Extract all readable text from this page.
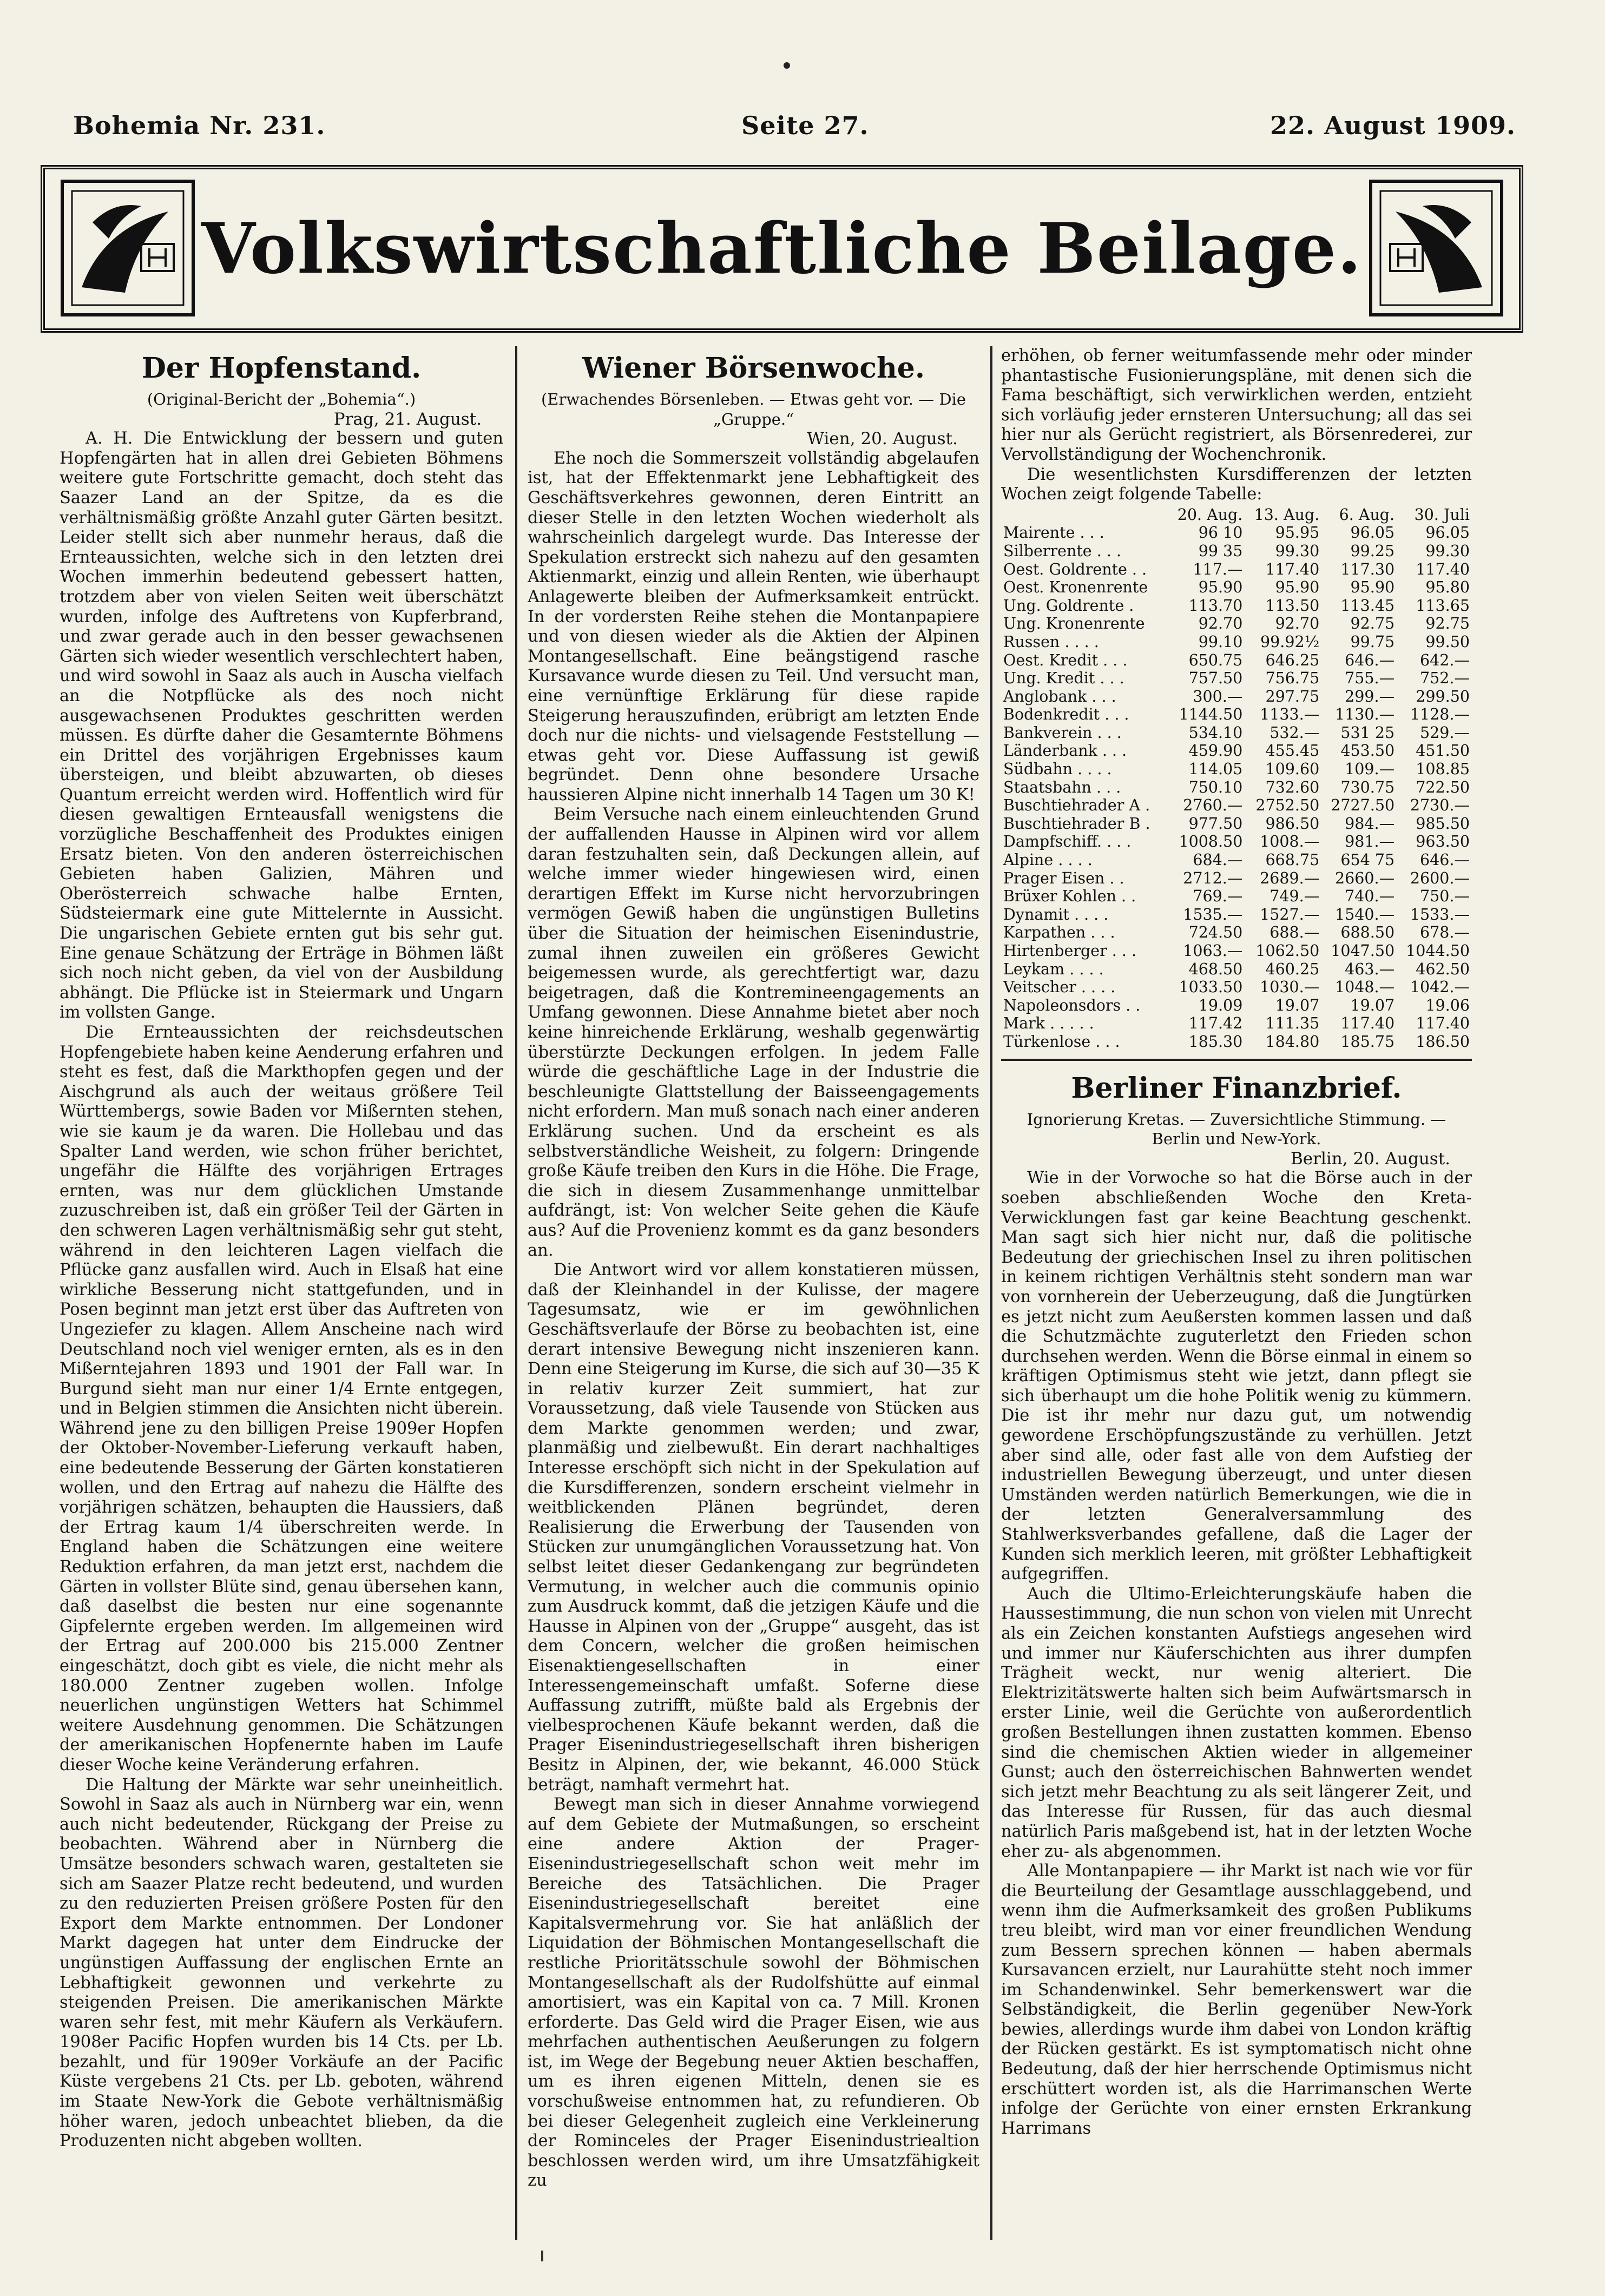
Bohemia Nr. 231.	Seite 27.	22. August 1909.
Volkswirtschaftliche Beilage.
Der Hopfenstand.

(Original-Bericht der „Bohemia“.)

Prag, 21. August.

A. H. Die Entwicklung der bessern und guten Hopfengärten hat in allen drei Gebieten Böhmens weitere gute Fortschritte gemacht, doch steht das Saazer Land an der Spitze, da es die verhältnismäßig größte Anzahl guter Gärten besitzt. Leider stellt sich aber nunmehr heraus, daß die Ernteaussichten, welche sich in den letzten drei Wochen immerhin bedeutend gebessert hatten, trotzdem aber von vielen Seiten weit überschätzt wurden, infolge des Auftretens von Kupferbrand, und zwar gerade auch in den besser gewachsenen Gärten sich wieder wesentlich verschlechtert haben, und wird sowohl in Saaz als auch in Auscha vielfach an die Notpflücke als des noch nicht ausgewachsenen Produktes geschritten werden müssen. Es dürfte daher die Gesamternte Böhmens ein Drittel des vorjährigen Ergebnisses kaum übersteigen, und bleibt abzuwarten, ob dieses Quantum erreicht werden wird. Hoffentlich wird für diesen gewaltigen Ernteausfall wenigstens die vorzügliche Beschaffenheit des Produktes einigen Ersatz bieten. Von den anderen österreichischen Gebieten haben Galizien, Mähren und Oberösterreich schwache halbe Ernten, Südsteiermark eine gute Mittelernte in Aussicht. Die ungarischen Gebiete ernten gut bis sehr gut. Eine genaue Schätzung der Erträge in Böhmen läßt sich noch nicht geben, da viel von der Ausbildung abhängt. Die Pflücke ist in Steiermark und Ungarn im vollsten Gange.

Die Ernteaussichten der reichsdeutschen Hopfengebiete haben keine Aenderung erfahren und steht es fest, daß die Markthopfen gegen und der Aischgrund als auch der weitaus größere Teil Württembergs, sowie Baden vor Mißernten stehen, wie sie kaum je da waren. Die Hollebau und das Spalter Land werden, wie schon früher berichtet, ungefähr die Hälfte des vorjährigen Ertrages ernten, was nur dem glücklichen Umstande zuzuschreiben ist, daß ein größer Teil der Gärten in den schweren Lagen verhältnismäßig sehr gut steht, während in den leichteren Lagen vielfach die Pflücke ganz ausfallen wird. Auch in Elsaß hat eine wirkliche Besserung nicht stattgefunden, und in Posen beginnt man jetzt erst über das Auftreten von Ungeziefer zu klagen. Allem Anscheine nach wird Deutschland noch viel weniger ernten, als es in den Mißerntejahren 1893 und 1901 der Fall war. In Burgund sieht man nur einer 1/4 Ernte entgegen, und in Belgien stimmen die Ansichten nicht überein. Während jene zu den billigen Preise 1909er Hopfen der Oktober-November-Lieferung verkauft haben, eine bedeutende Besserung der Gärten konstatieren wollen, und den Ertrag auf nahezu die Hälfte des vorjährigen schätzen, behaupten die Haussiers, daß der Ertrag kaum 1/4 überschreiten werde. In England haben die Schätzungen eine weitere Reduktion erfahren, da man jetzt erst, nachdem die Gärten in vollster Blüte sind, genau übersehen kann, daß daselbst die besten nur eine sogenannte Gipfelernte ergeben werden. Im allgemeinen wird der Ertrag auf 200.000 bis 215.000 Zentner eingeschätzt, doch gibt es viele, die nicht mehr als 180.000 Zentner zugeben wollen. Infolge neuerlichen ungünstigen Wetters hat Schimmel weitere Ausdehnung genommen. Die Schätzungen der amerikanischen Hopfenernte haben im Laufe dieser Woche keine Veränderung erfahren.

Die Haltung der Märkte war sehr uneinheitlich. Sowohl in Saaz als auch in Nürnberg war ein, wenn auch nicht bedeutender, Rückgang der Preise zu beobachten. Während aber in Nürnberg die Umsätze besonders schwach waren, gestalteten sie sich am Saazer Platze recht bedeutend, und wurden zu den reduzierten Preisen größere Posten für den Export dem Markte entnommen. Der Londoner Markt dagegen hat unter dem Eindrucke der ungünstigen Auffassung der englischen Ernte an Lebhaftigkeit gewonnen und verkehrte zu steigenden Preisen. Die amerikanischen Märkte waren sehr fest, mit mehr Käufern als Verkäufern. 1908er Pacific Hopfen wurden bis 14 Cts. per Lb. bezahlt, und für 1909er Vorkäufe an der Pacific Küste vergebens 21 Cts. per Lb. geboten, während im Staate New-York die Gebote verhältnismäßig höher waren, jedoch unbeachtet blieben, da die Produzenten nicht abgeben wollten.

Wiener Börsenwoche.

(Erwachendes Börsenleben. — Etwas geht vor. — Die „Gruppe.“

Wien, 20. August.

Ehe noch die Sommerszeit vollständig abgelaufen ist, hat der Effektenmarkt jene Lebhaftigkeit des Geschäftsverkehres gewonnen, deren Eintritt an dieser Stelle in den letzten Wochen wiederholt als wahrscheinlich dargelegt wurde. Das Interesse der Spekulation erstreckt sich nahezu auf den gesamten Aktienmarkt, einzig und allein Renten, wie überhaupt Anlagewerte bleiben der Aufmerksamkeit entrückt. In der vordersten Reihe stehen die Montanpapiere und von diesen wieder als die Aktien der Alpinen Montangesellschaft. Eine beängstigend rasche Kursavance wurde diesen zu Teil. Und versucht man, eine vernünftige Erklärung für diese rapide Steigerung herauszufinden, erübrigt am letzten Ende doch nur die nichts- und vielsagende Feststellung — etwas geht vor. Diese Auffassung ist gewiß begründet. Denn ohne besondere Ursache haussieren Alpine nicht innerhalb 14 Tagen um 30 K!

Beim Versuche nach einem einleuchtenden Grund der auffallenden Hausse in Alpinen wird vor allem daran festzuhalten sein, daß Deckungen allein, auf welche immer wieder hingewiesen wird, einen derartigen Effekt im Kurse nicht hervorzubringen vermögen Gewiß haben die ungünstigen Bulletins über die Situation der heimischen Eisenindustrie, zumal ihnen zuweilen ein größeres Gewicht beigemessen wurde, als gerechtfertigt war, dazu beigetragen, daß die Kontremineengagements an Umfang gewonnen. Diese Annahme bietet aber noch keine hinreichende Erklärung, weshalb gegenwärtig überstürzte Deckungen erfolgen. In jedem Falle würde die geschäftliche Lage in der Industrie die beschleunigte Glattstellung der Baisseengagements nicht erfordern. Man muß sonach nach einer anderen Erklärung suchen. Und da erscheint es als selbstverständliche Weisheit, zu folgern: Dringende große Käufe treiben den Kurs in die Höhe. Die Frage, die sich in diesem Zusammenhange unmittelbar aufdrängt, ist: Von welcher Seite gehen die Käufe aus? Auf die Provenienz kommt es da ganz besonders an.

Die Antwort wird vor allem konstatieren müssen, daß der Kleinhandel in der Kulisse, der magere Tagesumsatz, wie er im gewöhnlichen Geschäftsverlaufe der Börse zu beobachten ist, eine derart intensive Bewegung nicht inszenieren kann. Denn eine Steigerung im Kurse, die sich auf 30—35 K in relativ kurzer Zeit summiert, hat zur Voraussetzung, daß viele Tausende von Stücken aus dem Markte genommen werden; und zwar, planmäßig und zielbewußt. Ein derart nachhaltiges Interesse erschöpft sich nicht in der Spekulation auf die Kursdifferenzen, sondern erscheint vielmehr in weitblickenden Plänen begründet, deren Realisierung die Erwerbung der Tausenden von Stücken zur unumgänglichen Voraussetzung hat. Von selbst leitet dieser Gedankengang zur begründeten Vermutung, in welcher auch die communis opinio zum Ausdruck kommt, daß die jetzigen Käufe und die Hausse in Alpinen von der „Gruppe“ ausgeht, das ist dem Concern, welcher die großen heimischen Eisenaktiengesellschaften in einer Interessengemeinschaft umfaßt. Soferne diese Auffassung zutrifft, müßte bald als Ergebnis der vielbesprochenen Käufe bekannt werden, daß die Prager Eisenindustriegesellschaft ihren bisherigen Besitz in Alpinen, der, wie bekannt, 46.000 Stück beträgt, namhaft vermehrt hat.

Bewegt man sich in dieser Annahme vorwiegend auf dem Gebiete der Mutmaßungen, so erscheint eine andere Aktion der Prager-Eisenindustriegesellschaft schon weit mehr im Bereiche des Tatsächlichen. Die Prager Eisenindustriegesellschaft bereitet eine Kapitalsvermehrung vor. Sie hat anläßlich der Liquidation der Böhmischen Montangesellschaft die restliche Prioritätsschule sowohl der Böhmischen Montangesellschaft als der Rudolfshütte auf einmal amortisiert, was ein Kapital von ca. 7 Mill. Kronen erforderte. Das Geld wird die Prager Eisen, wie aus mehrfachen authentischen Aeußerungen zu folgern ist, im Wege der Begebung neuer Aktien beschaffen, um es ihren eigenen Mitteln, denen sie es vorschußweise entnommen hat, zu refundieren. Ob bei dieser Gelegenheit zugleich eine Verkleinerung der Rominceles der Prager Eisenindustriealtion beschlossen werden wird, um ihre Umsatzfähigkeit zu

erhöhen, ob ferner weitumfassende mehr oder minder phantastische Fusionierungspläne, mit denen sich die Fama beschäftigt, sich verwirklichen werden, entzieht sich vorläufig jeder ernsteren Untersuchung; all das sei hier nur als Gerücht registriert, als Börsenrederei, zur Vervollständigung der Wochenchronik.

Die wesentlichsten Kursdifferenzen der letzten Wochen zeigt folgende Tabelle:

	20. Aug.	13. Aug.	6. Aug.	30. Juli
Mairente . . .	96 10	95.95	96.05	96.05
Silberrente . . .	99 35	99.30	99.25	99.30
Oest. Goldrente . .	117.—	117.40	117.30	117.40
Oest. Kronenrente	95.90	95.90	95.90	95.80
Ung. Goldrente .	113.70	113.50	113.45	113.65
Ung. Kronenrente	92.70	92.70	92.75	92.75
Russen . . . .	99.10	99.92½	99.75	99.50
Oest. Kredit . . .	650.75	646.25	646.—	642.—
Ung. Kredit . . .	757.50	756.75	755.—	752.—
Anglobank . . .	300.—	297.75	299.—	299.50
Bodenkredit . . .	1144.50	1133.—	1130.—	1128.—
Bankverein . . .	534.10	532.—	531 25	529.—
Länderbank . . .	459.90	455.45	453.50	451.50
Südbahn . . . .	114.05	109.60	109.—	108.85
Staatsbahn . . .	750.10	732.60	730.75	722.50
Buschtiehrader A .	2760.—	2752.50	2727.50	2730.—
Buschtiehrader B .	977.50	986.50	984.—	985.50
Dampfschiff. . . .	1008.50	1008.—	981.—	963.50
Alpine . . . .	684.—	668.75	654 75	646.—
Prager Eisen . .	2712.—	2689.—	2660.—	2600.—
Brüxer Kohlen . .	769.—	749.—	740.—	750.—
Dynamit . . . .	1535.—	1527.—	1540.—	1533.—
Karpathen . . .	724.50	688.—	688.50	678.—
Hirtenberger . . .	1063.—	1062.50	1047.50	1044.50
Leykam . . . .	468.50	460.25	463.—	462.50
Veitscher . . . .	1033.50	1030.—	1048.—	1042.—
Napoleonsdors . .	19.09	19.07	19.07	19.06
Mark . . . . .	117.42	111.35	117.40	117.40
Türkenlose . . .	185.30	184.80	185.75	186.50
Berliner Finanzbrief.

Ignorierung Kretas. — Zuversichtliche Stimmung. — Berlin und New-York.

Berlin, 20. August.

Wie in der Vorwoche so hat die Börse auch in der soeben abschließenden Woche den Kreta-Verwicklungen fast gar keine Beachtung geschenkt. Man sagt sich hier nicht nur, daß die politische Bedeutung der griechischen Insel zu ihren politischen in keinem richtigen Verhältnis steht sondern man war von vornherein der Ueberzeugung, daß die Jungtürken es jetzt nicht zum Aeußersten kommen lassen und daß die Schutzmächte zuguterletzt den Frieden schon durchsehen werden. Wenn die Börse einmal in einem so kräftigen Optimismus steht wie jetzt, dann pflegt sie sich überhaupt um die hohe Politik wenig zu kümmern. Die ist ihr mehr nur dazu gut, um notwendig gewordene Erschöpfungszustände zu verhüllen. Jetzt aber sind alle, oder fast alle von dem Aufstieg der industriellen Bewegung überzeugt, und unter diesen Umständen werden natürlich Bemerkungen, wie die in der letzten Generalversammlung des Stahlwerksverbandes gefallene, daß die Lager der Kunden sich merklich leeren, mit größter Lebhaftigkeit aufgegriffen.

Auch die Ultimo-Erleichterungskäufe haben die Haussestimmung, die nun schon von vielen mit Unrecht als ein Zeichen konstanten Aufstiegs angesehen wird und immer nur Käuferschichten aus ihrer dumpfen Trägheit weckt, nur wenig alteriert. Die Elektrizitätswerte halten sich beim Aufwärtsmarsch in erster Linie, weil die Gerüchte von außerordentlich großen Bestellungen ihnen zustatten kommen. Ebenso sind die chemischen Aktien wieder in allgemeiner Gunst; auch den österreichischen Bahnwerten wendet sich jetzt mehr Beachtung zu als seit längerer Zeit, und das Interesse für Russen, für das auch diesmal natürlich Paris maßgebend ist, hat in der letzten Woche eher zu- als abgenommen.

Alle Montanpapiere — ihr Markt ist nach wie vor für die Beurteilung der Gesamtlage ausschlaggebend, und wenn ihm die Aufmerksamkeit des großen Publikums treu bleibt, wird man vor einer freundlichen Wendung zum Bessern sprechen können — haben abermals Kursavancen erzielt, nur Laurahütte steht noch immer im Schandenwinkel. Sehr bemerkenswert war die Selbständigkeit, die Berlin gegenüber New-York bewies, allerdings wurde ihm dabei von London kräftig der Rücken gestärkt. Es ist symptomatisch nicht ohne Bedeutung, daß der hier herrschende Optimismus nicht erschüttert worden ist, als die Harrimanschen Werte infolge der Gerüchte von einer ernsten Erkrankung Harrimans
